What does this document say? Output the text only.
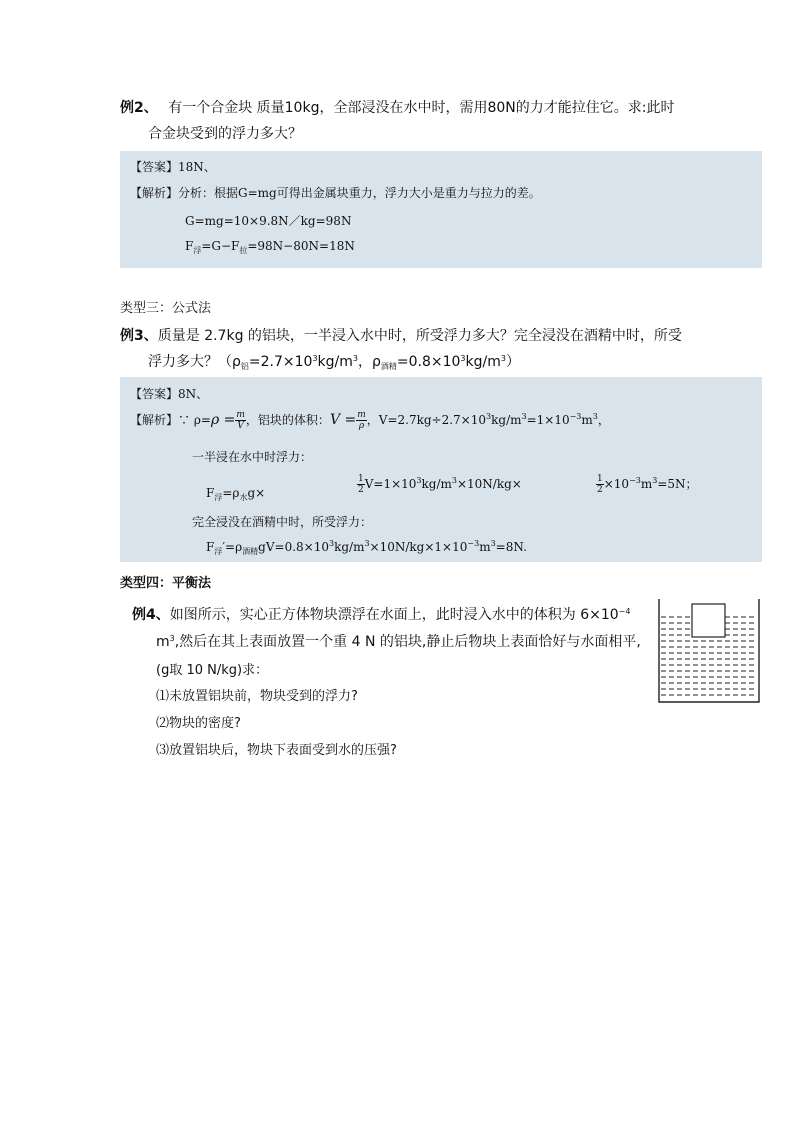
例2、 有一个合金块 质量10kg，全部浸没在水中时，需用80N的力才能拉住它。求:此时
合金块受到的浮力多大？
【答案】18N、
【解析】分析：根据G=mg可得出金属块重力，浮力大小是重力与拉力的差。
G=mg=10×9.8N／kg=98N
$F_浮=G-F_拉=98N-80N=18N$
类型三：公式法
例3、质量是 2.7kg 的铝块，一半浸入水中时，所受浮力多大？完全浸没在酒精中时，所受
浮力多大？（$\rho_铝=2.7\times 10^3kg/m^3$，$\rho_{酒精}=0.8\times 10^3kg/m^3$）
【答案】8N、
【解析】∵ $\rho=\rho = \frac{m}{V}$ ，铝块的体积：$V = \frac{m}{\rho}$ ，$V=2.7kg\div 2.7\times 10^3kg/m^3=1\times 10^{-3}m^3$，
一半浸在水中时浮力：
$F_浮=\rho_水g\times$	$\frac{1}{2} V=1\times 10^3kg/m^3\times 10N/kg\times$	$\frac{1}{2} \times 10^{-3}m^3=5N$；
完全浸没在酒精中时，所受浮力：
$F_浮'=\rho_{酒精}gV=0.8\times 10^3kg/m^3\times 10N/kg\times 1\times 10^{-3}m^3=8N$.
类型四：平衡法
例4、如图所示，实心正方体物块漂浮在水面上，此时浸入水中的体积为 $6\times 10^{-4}$
$m^3$,然后在其上表面放置一个重 4 N 的铝块,静止后物块上表面恰好与水面相平,
(g取 10 N/kg)求：
⑴未放置铝块前，物块受到的浮力?
⑵物块的密度?
⑶放置铝块后，物块下表面受到水的压强?
